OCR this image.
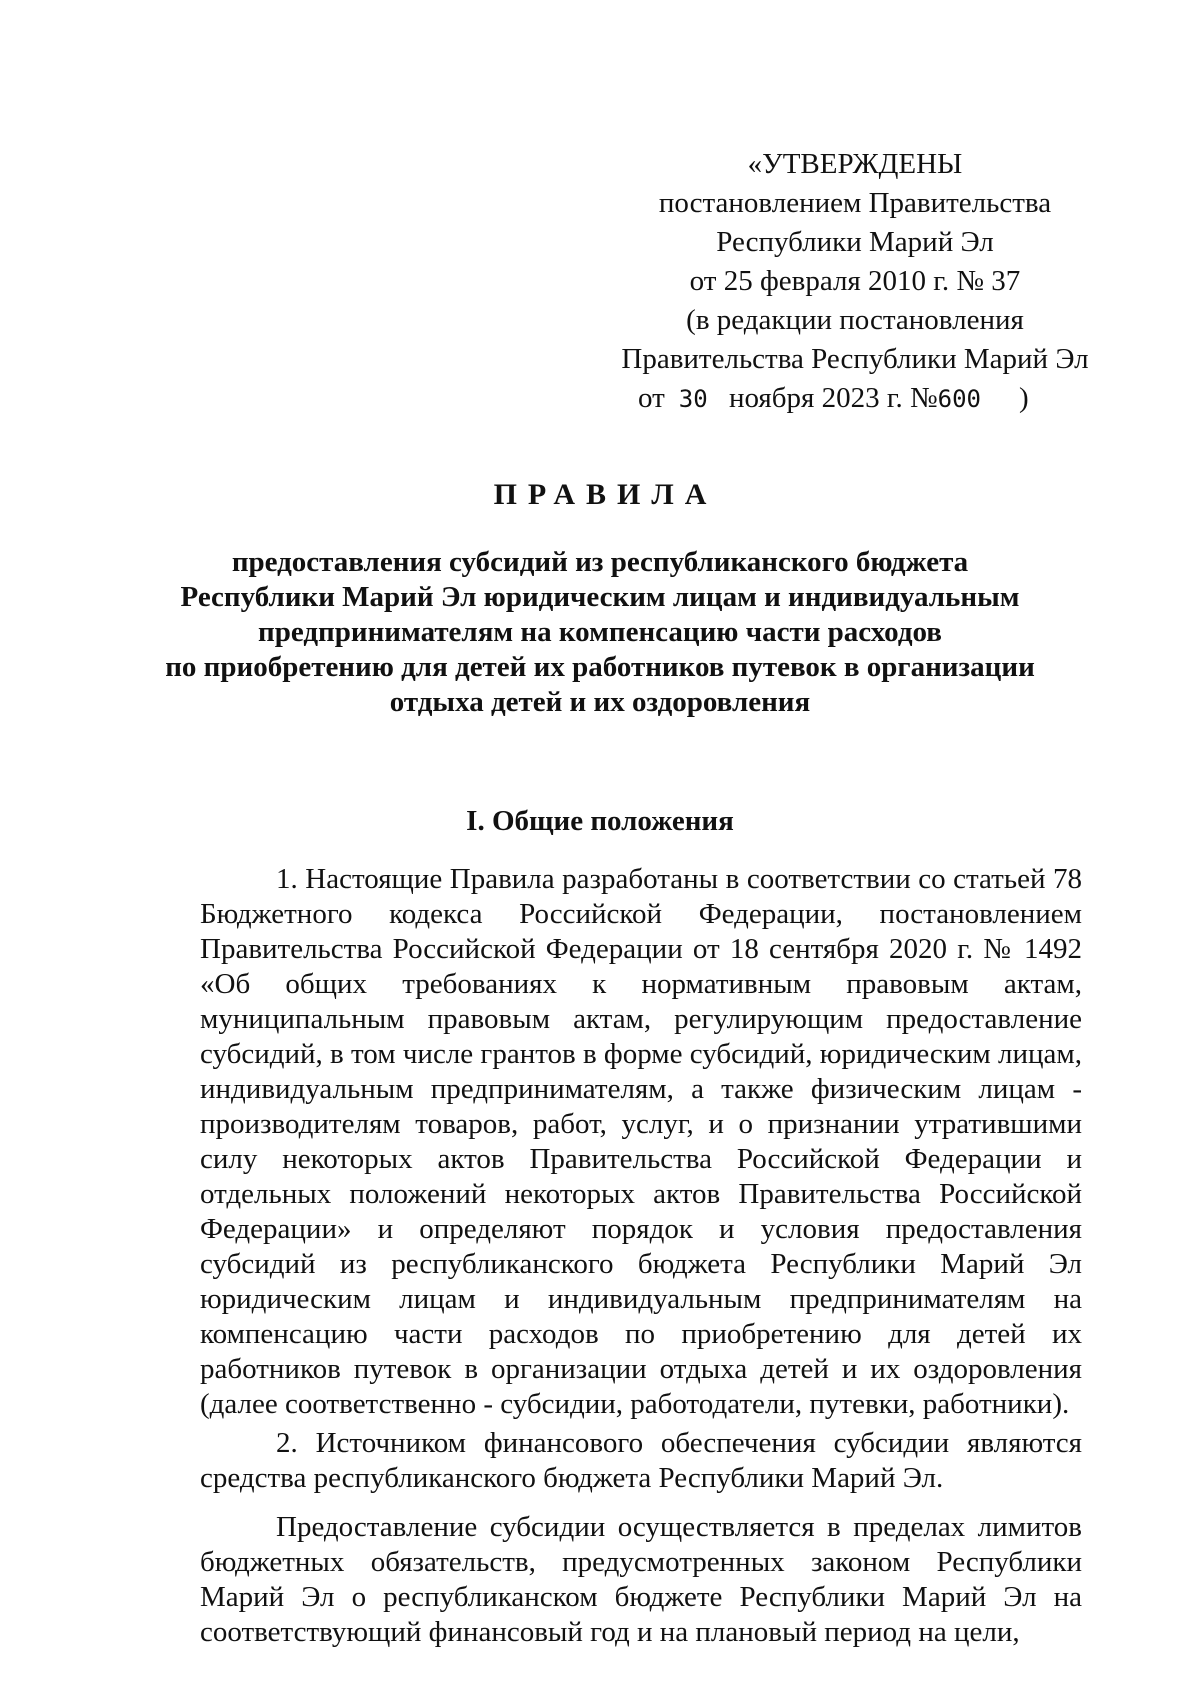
«УТВЕРЖДЕНЫ
постановлением Правительства
Республики Марий Эл
от 25 февраля 2010 г. № 37
(в редакции постановления
Правительства Республики Марий Эл
от 30 ноября 2023 г. №600 )
ПРАВИЛА
предоставления субсидий из республиканского бюджета
Республики Марий Эл юридическим лицам и индивидуальным
предпринимателям на компенсацию части расходов
по приобретению для детей их работников путевок в организации
отдыха детей и их оздоровления
I. Общие положения

1. Настоящие Правила разработаны в соответствии со статьей 78 Бюджетного кодекса Российской Федерации, постановлением Правительства Российской Федерации от 18 сентября 2020 г. № 1492 «Об общих требованиях к нормативным правовым актам, муниципальным правовым актам, регулирующим предоставление субсидий, в том числе грантов в форме субсидий, юридическим лицам, индивидуальным предпринимателям, а также физическим лицам - производителям товаров, работ, услуг, и о признании утратившими силу некоторых актов Правительства Российской Федерации и отдельных положений некоторых актов Правительства Российской Федерации» и определяют порядок и условия предоставления субсидий из республиканского бюджета Республики Марий Эл юридическим лицам и индивидуальным предпринимателям на компенсацию части расходов по приобретению для детей их работников путевок в организации отдыха детей и их оздоровления (далее соответственно - субсидии, работодатели, путевки, работники).

2. Источником финансового обеспечения субсидии являются средства республиканского бюджета Республики Марий Эл.

Предоставление субсидии осуществляется в пределах лимитов бюджетных обязательств, предусмотренных законом Республики Марий Эл о республиканском бюджете Республики Марий Эл на соответствующий финансовый год и на плановый период на цели,
